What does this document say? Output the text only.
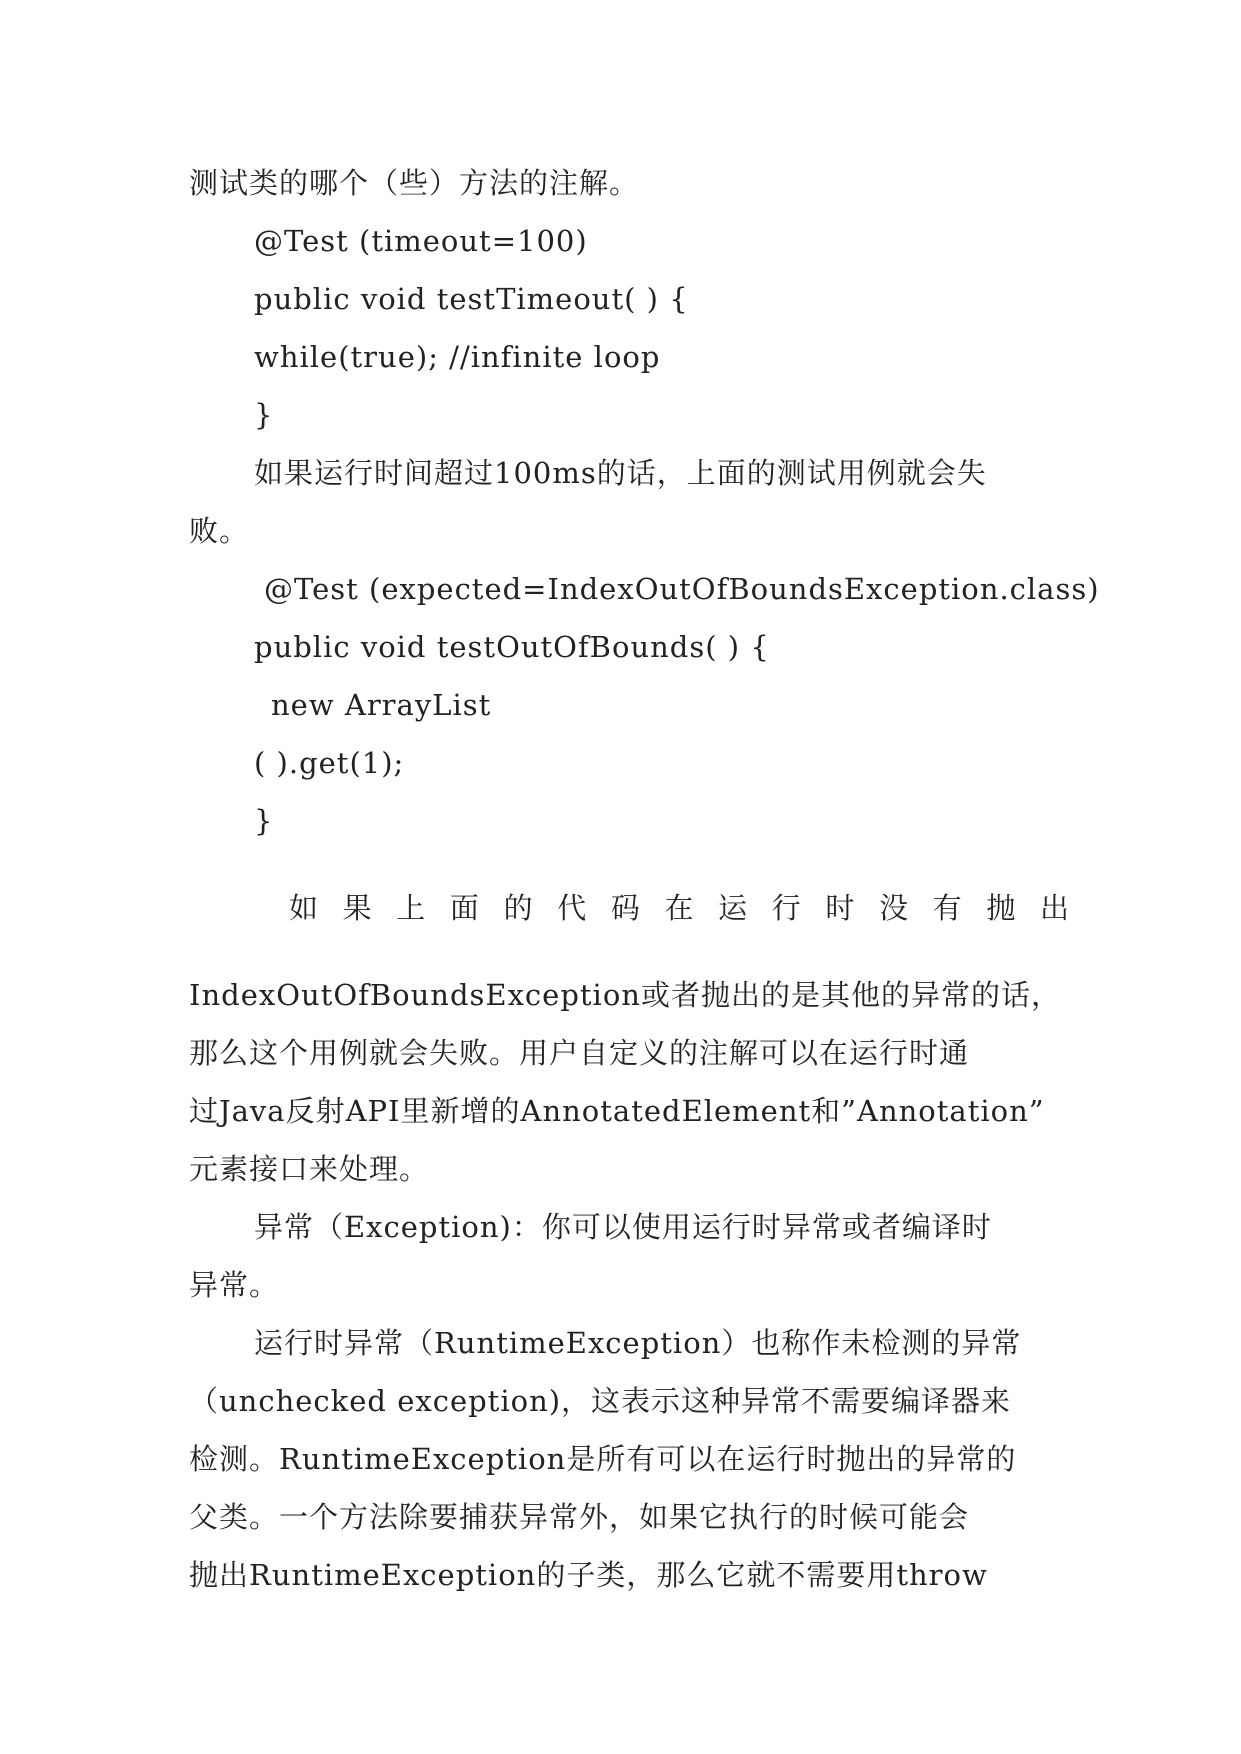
测试类的哪个（些）方法的注解。

@Test (timeout=100)

public void testTimeout( ) {

while(true); //infinite loop

}

如果运行时间超过100ms的话，上面的测试用例就会失

败。

@Test (expected=IndexOutOfBoundsException.class)

public void testOutOfBounds( ) {

new ArrayList

( ).get(1);

}

如 果 上 面 的 代 码 在 运 行 时 没 有 抛 出

IndexOutOfBoundsException或者抛出的是其他的异常的话，

那么这个用例就会失败。用户自定义的注解可以在运行时通

过Java反射API里新增的AnnotatedElement和”Annotation”

元素接口来处理。

异常（Exception)：你可以使用运行时异常或者编译时

异常。

运行时异常（RuntimeException）也称作未检测的异常

（unchecked exception)，这表示这种异常不需要编译器来

检测。RuntimeException是所有可以在运行时抛出的异常的

父类。一个方法除要捕获异常外，如果它执行的时候可能会

抛出RuntimeException的子类，那么它就不需要用throw
